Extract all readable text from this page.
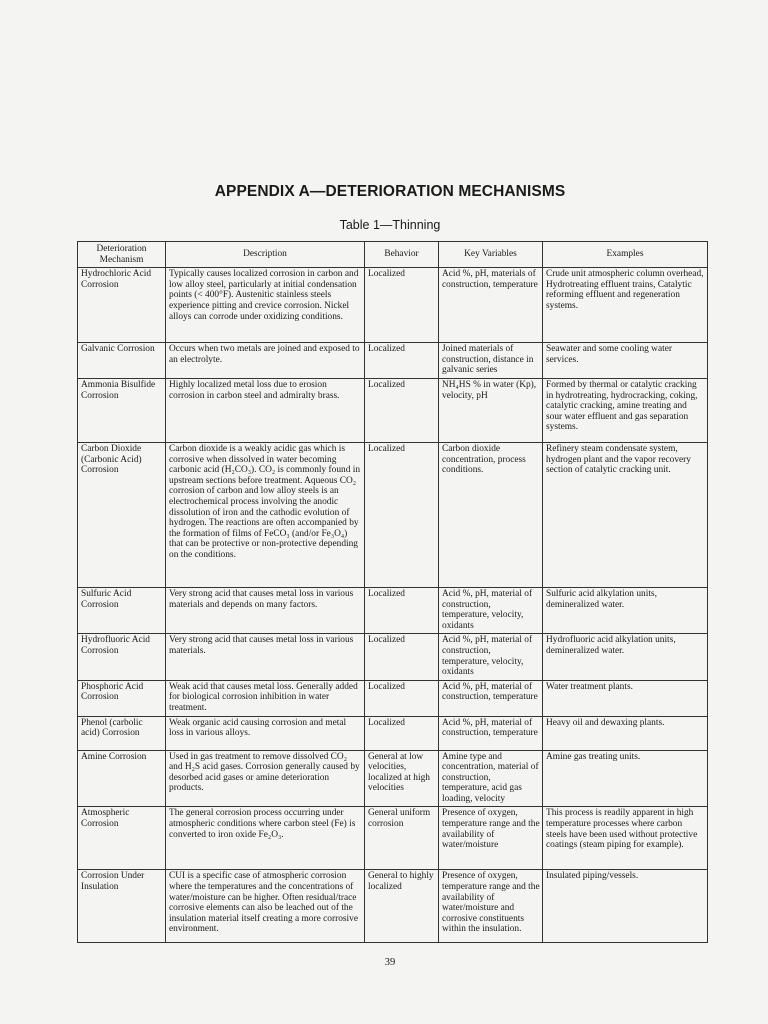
APPENDIX A—DETERIORATION MECHANISMS
Table 1—Thinning
Deterioration Mechanism	Description	Behavior	Key Variables	Examples
Hydrochloric Acid Corrosion	Typically causes localized corrosion in carbon and low alloy steel, particularly at initial condensation points (< 400°F). Austenitic stainless steels experience pitting and crevice corrosion. Nickel alloys can corrode under oxidizing conditions.	Localized	Acid %, pH, materials of construction, temperature	Crude unit atmospheric column overhead, Hydrotreating effluent trains, Catalytic reforming effluent and regeneration systems.
Galvanic Corrosion	Occurs when two metals are joined and exposed to an electrolyte.	Localized	Joined materials of construction, distance in galvanic series	Seawater and some cooling water services.
Ammonia Bisulfide Corrosion	Highly localized metal loss due to erosion corrosion in carbon steel and admiralty brass.	Localized	NH₄HS % in water (Kp), velocity, pH	Formed by thermal or catalytic cracking in hydrotreating, hydrocracking, coking, catalytic cracking, amine treating and sour water effluent and gas separation systems.
Carbon Dioxide (Carbonic Acid) Corrosion	Carbon dioxide is a weakly acidic gas which is corrosive when dissolved in water becoming carbonic acid (H₂CO₃). CO₂ is commonly found in upstream sections before treatment. Aqueous CO₂ corrosion of carbon and low alloy steels is an electrochemical process involving the anodic dissolution of iron and the cathodic evolution of hydrogen. The reactions are often accompanied by the formation of films of FeCO₃ (and/or Fe₃O₄) that can be protective or non-protective depending on the conditions.	Localized	Carbon dioxide concentration, process conditions.	Refinery steam condensate system, hydrogen plant and the vapor recovery section of catalytic cracking unit.
Sulfuric Acid Corrosion	Very strong acid that causes metal loss in various materials and depends on many factors.	Localized	Acid %, pH, material of construction, temperature, velocity, oxidants	Sulfuric acid alkylation units, demineralized water.
Hydrofluoric Acid Corrosion	Very strong acid that causes metal loss in various materials.	Localized	Acid %, pH, material of construction, temperature, velocity, oxidants	Hydrofluoric acid alkylation units, demineralized water.
Phosphoric Acid Corrosion	Weak acid that causes metal loss. Generally added for biological corrosion inhibition in water treatment.	Localized	Acid %, pH, material of construction, temperature	Water treatment plants.
Phenol (carbolic acid) Corrosion	Weak organic acid causing corrosion and metal loss in various alloys.	Localized	Acid %, pH, material of construction, temperature	Heavy oil and dewaxing plants.
Amine Corrosion	Used in gas treatment to remove dissolved CO₂ and H₂S acid gases. Corrosion generally caused by desorbed acid gases or amine deterioration products.	General at low velocities, localized at high velocities	Amine type and concentration, material of construction, temperature, acid gas loading, velocity	Amine gas treating units.
Atmospheric Corrosion	The general corrosion process occurring under atmospheric conditions where carbon steel (Fe) is converted to iron oxide Fe₂O₃.	General uniform corrosion	Presence of oxygen, temperature range and the availability of water/moisture	This process is readily apparent in high temperature processes where carbon steels have been used without protective coatings (steam piping for example).
Corrosion Under Insulation	CUI is a specific case of atmospheric corrosion where the temperatures and the concentrations of water/moisture can be higher. Often residual/trace corrosive elements can also be leached out of the insulation material itself creating a more corrosive environment.	General to highly localized	Presence of oxygen, temperature range and the availability of water/moisture and corrosive constituents within the insulation.	Insulated piping/vessels.
39
